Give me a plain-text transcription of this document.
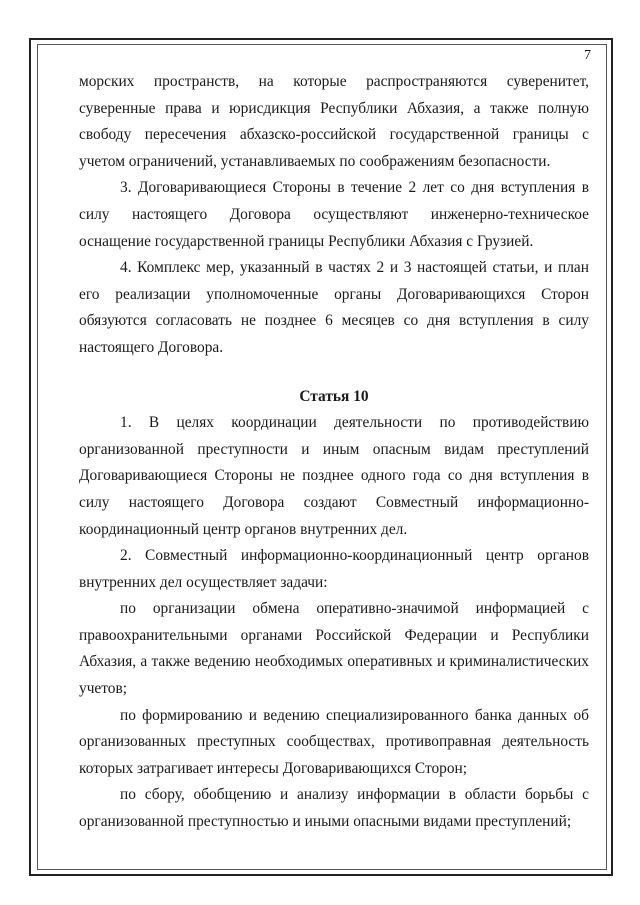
7

морских пространств, на которые распространяются суверенитет, суверенные права и юрисдикция Республики Абхазия, а также полную свободу пересечения абхазско-российской государственной границы с учетом ограничений, устанавливаемых по соображениям безопасности.

3. Договаривающиеся Стороны в течение 2 лет со дня вступления в силу настоящего Договора осуществляют инженерно-техническое оснащение государственной границы Республики Абхазия с Грузией.

4. Комплекс мер, указанный в частях 2 и 3 настоящей статьи, и план его реализации уполномоченные органы Договаривающихся Сторон обязуются согласовать не позднее 6 месяцев со дня вступления в силу настоящего Договора.

Статья 10

1. В целях координации деятельности по противодействию организованной преступности и иным опасным видам преступлений Договаривающиеся Стороны не позднее одного года со дня вступления в силу настоящего Договора создают Совместный информационно-координационный центр органов внутренних дел.

2. Совместный информационно-координационный центр органов внутренних дел осуществляет задачи:

по организации обмена оперативно-значимой информацией с правоохранительными органами Российской Федерации и Республики Абхазия, а также ведению необходимых оперативных и криминалистических учетов;

по формированию и ведению специализированного банка данных об организованных преступных сообществах, противоправная деятельность которых затрагивает интересы Договаривающихся Сторон;

по сбору, обобщению и анализу информации в области борьбы с организованной преступностью и иными опасными видами преступлений;
